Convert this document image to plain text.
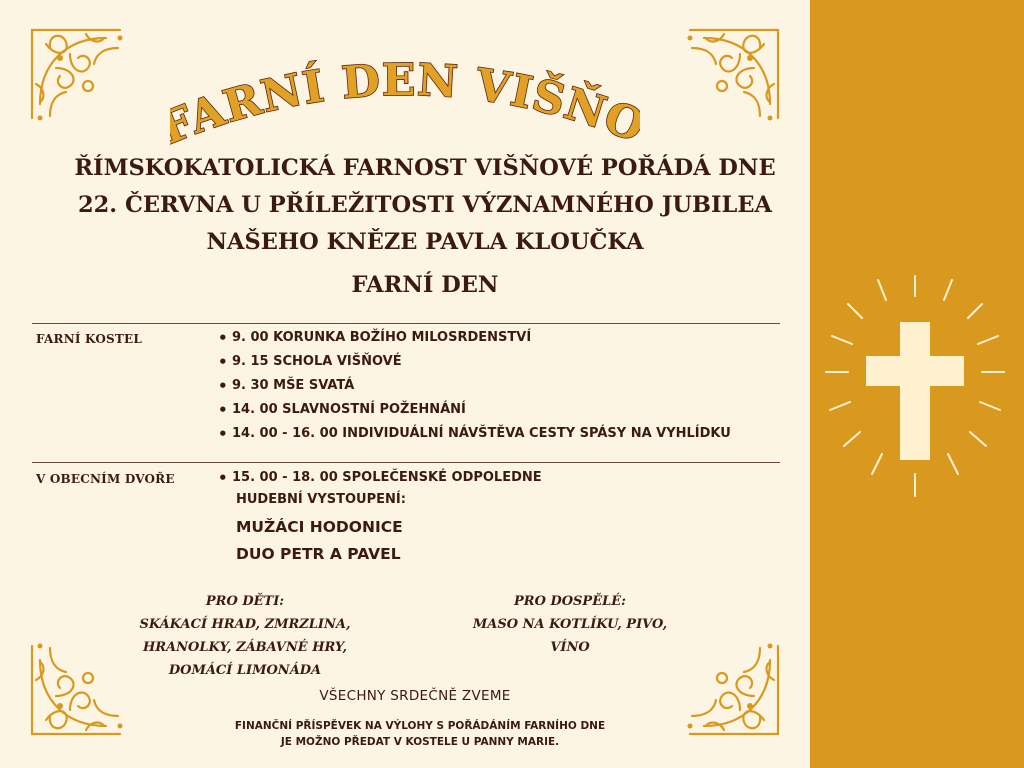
ARNÍ DEN VIŠŇ
ŘÍMSKOKATOLICKÁ FARNOST VIŠŇOVÉ POŘÁDÁ DNE
22. ČERVNA U PŘÍLEŽITOSTI VÝZNAMNÉHO JUBILEA
NAŠEHO KNĚZE PAVLA KLOUČKA
FARNÍ DEN
FARNÍ KOSTEL	• 9. 00 KORUNKA BOŽÍHO MILOSRDENSTVÍ
• 9. 15 SCHOLA VIŠŇOVÉ
• 9. 30 MŠE SVATÁ
• 14. 00 SLAVNOSTNÍ POŽEHNÁNÍ
• 14. 00 - 16. 00 INDIVIDUÁLNÍ NÁVŠTĚVA CESTY SPÁSY NA VYHLÍDKU
V OBECNÍM DVOŘE	• 15. 00 - 18. 00 SPOLEČENSKÉ ODPOLEDNE
HUDEBNÍ VYSTOUPENÍ:
MUŽÁCI HODONICE
DUO PETR A PAVEL
PRO DĚTI:
SKÁKACÍ HRAD, ZMRZLINA,
HRANOLKY, ZÁBAVNÉ HRY,
DOMÁCÍ LIMONÁDA
PRO DOSPĚLÉ:
MASO NA KOTLÍKU, PIVO,
VÍNO
VŠECHNY SRDEČNĚ ZVEME
FINANČNÍ PŘÍSPĚVEK NA VÝLOHY S POŘÁDÁNÍM FARNÍHO DNE
JE MOŽNO PŘEDAT V KOSTELE U PANNY MARIE.
